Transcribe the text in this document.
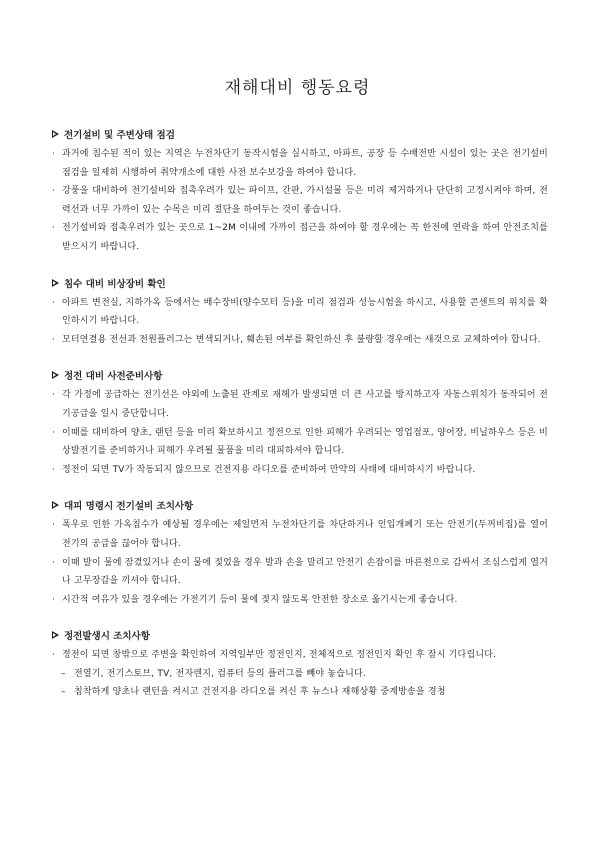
재해대비 행동요령
전기설비 및 주변상태 점검
· 과거에 침수된 적이 있는 지역은 누전차단기 동작시험을 실시하고, 아파트, 공장 등 수배전반 시설이 있는 곳은 전기설비 점검을 일제히 시행하여 취약개소에 대한 사전 보수보강을 하여야 합니다.
· 강풍을 대비하여 전기설비와 접촉우려가 있는 파이프, 간판, 가시설물 등은 미리 제거하거나 단단히 고정시켜야 하며, 전력선과 너무 가까이 있는 수목은 미리 절단을 하여두는 것이 좋습니다.
· 전기설비와 접촉우려가 있는 곳으로 1~2M 이내에 가까이 접근을 하여야 할 경우에는 꼭 한전에 연락을 하여 안전조치를 받으시기 바랍니다.
침수 대비 비상장비 확인
· 아파트 변전실, 지하가옥 등에서는 배수장비(양수모터 등)을 미리 점검과 성능시험을 하시고, 사용할 콘센트의 위치를 확인하시기 바랍니다.
· 모터연결용 전선과 전원플러그는 변색되거나, 훼손된 여부를 확인하신 후 불량할 경우에는 새것으로 교체하여야 합니다.
정전 대비 사전준비사항
· 각 가정에 공급하는 전기선은 야외에 노출된 관계로 재해가 발생되면 더 큰 사고를 방지하고자 자동스위치가 동작되어 전기공급을 일시 중단합니다.
· 이때를 대비하여 양초, 랜턴 등을 미리 확보하시고 정전으로 인한 피해가 우려되는 영업점포, 양어장, 비닐하우스 등은 비상발전기를 준비하거나 피해가 우려될 물품을 미리 대피하셔야 합니다.
· 정전이 되면 TV가 작동되지 않으므로 건전지용 라디오를 준비하여 만약의 사태에 대비하시기 바랍니다.
대피 명령시 전기설비 조치사항
· 폭우로 인한 가옥침수가 예상될 경우에는 제일먼저 누전차단기를 차단하거나 인입개폐기 또는 안전기(두꺼비집)를 열어 전기의 공급을 끊어야 합니다.
· 이때 발이 물에 잠겼있거나 손이 물에 젖었을 경우 발과 손을 말리고 안전기 손잡이를 마른천으로 감싸서 조심스럽게 열거나 고무장갑을 끼셔야 합니다.
· 시간적 여유가 있을 경우에는 가전기기 등이 물에 젖지 않도록 안전한 장소로 옮기시는게 좋습니다.
정전발생시 조치사항
· 정전이 되면 창밖으로 주변을 확인하여 지역일부만 정전인지, 전체적으로 정전인지 확인 후 잠시 기다립니다.
– 전열기, 전기스토브, TV, 전자렌지, 컴퓨터 등의 플러그를 빼야 놓습니다.
– 침착하게 양초나 랜턴을 켜시고 건전지용 라디오를 켜신 후 뉴스나 재해상황 중계방송을 경청
